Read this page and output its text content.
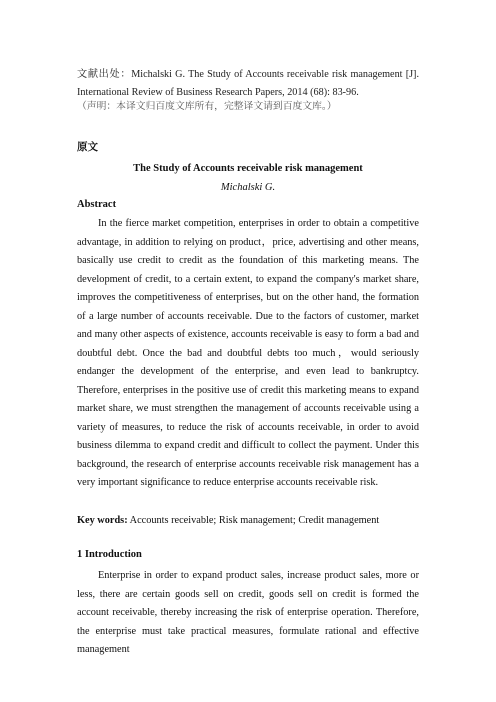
文献出处：Michalski G. The Study of Accounts receivable risk management [J]. International Review of Business Research Papers, 2014 (68): 83-96.

（声明：本译文归百度文库所有，完整译文请到百度文库。）

原文

The Study of Accounts receivable risk management

Michalski G.

Abstract

In the fierce market competition, enterprises in order to obtain a competitive advantage, in addition to relying on product，price, advertising and other means, basically use credit to credit as the foundation of this marketing means. The development of credit, to a certain extent, to expand the company's market share, improves the competitiveness of enterprises, but on the other hand, the formation of a large number of accounts receivable. Due to the factors of customer, market and many other aspects of existence, accounts receivable is easy to form a bad and doubtful debt. Once the bad and doubtful debts too much，would seriously endanger the development of the enterprise, and even lead to bankruptcy. Therefore, enterprises in the positive use of credit this marketing means to expand market share, we must strengthen the management of accounts receivable using a variety of measures, to reduce the risk of accounts receivable, in order to avoid business dilemma to expand credit and difficult to collect the payment. Under this background, the research of enterprise accounts receivable risk management has a very important significance to reduce enterprise accounts receivable risk.

Key words: Accounts receivable; Risk management; Credit management

1 Introduction

Enterprise in order to expand product sales, increase product sales, more or less, there are certain goods sell on credit, goods sell on credit is formed the account receivable, thereby increasing the risk of enterprise operation. Therefore, the enterprise must take practical measures, formulate rational and effective management
